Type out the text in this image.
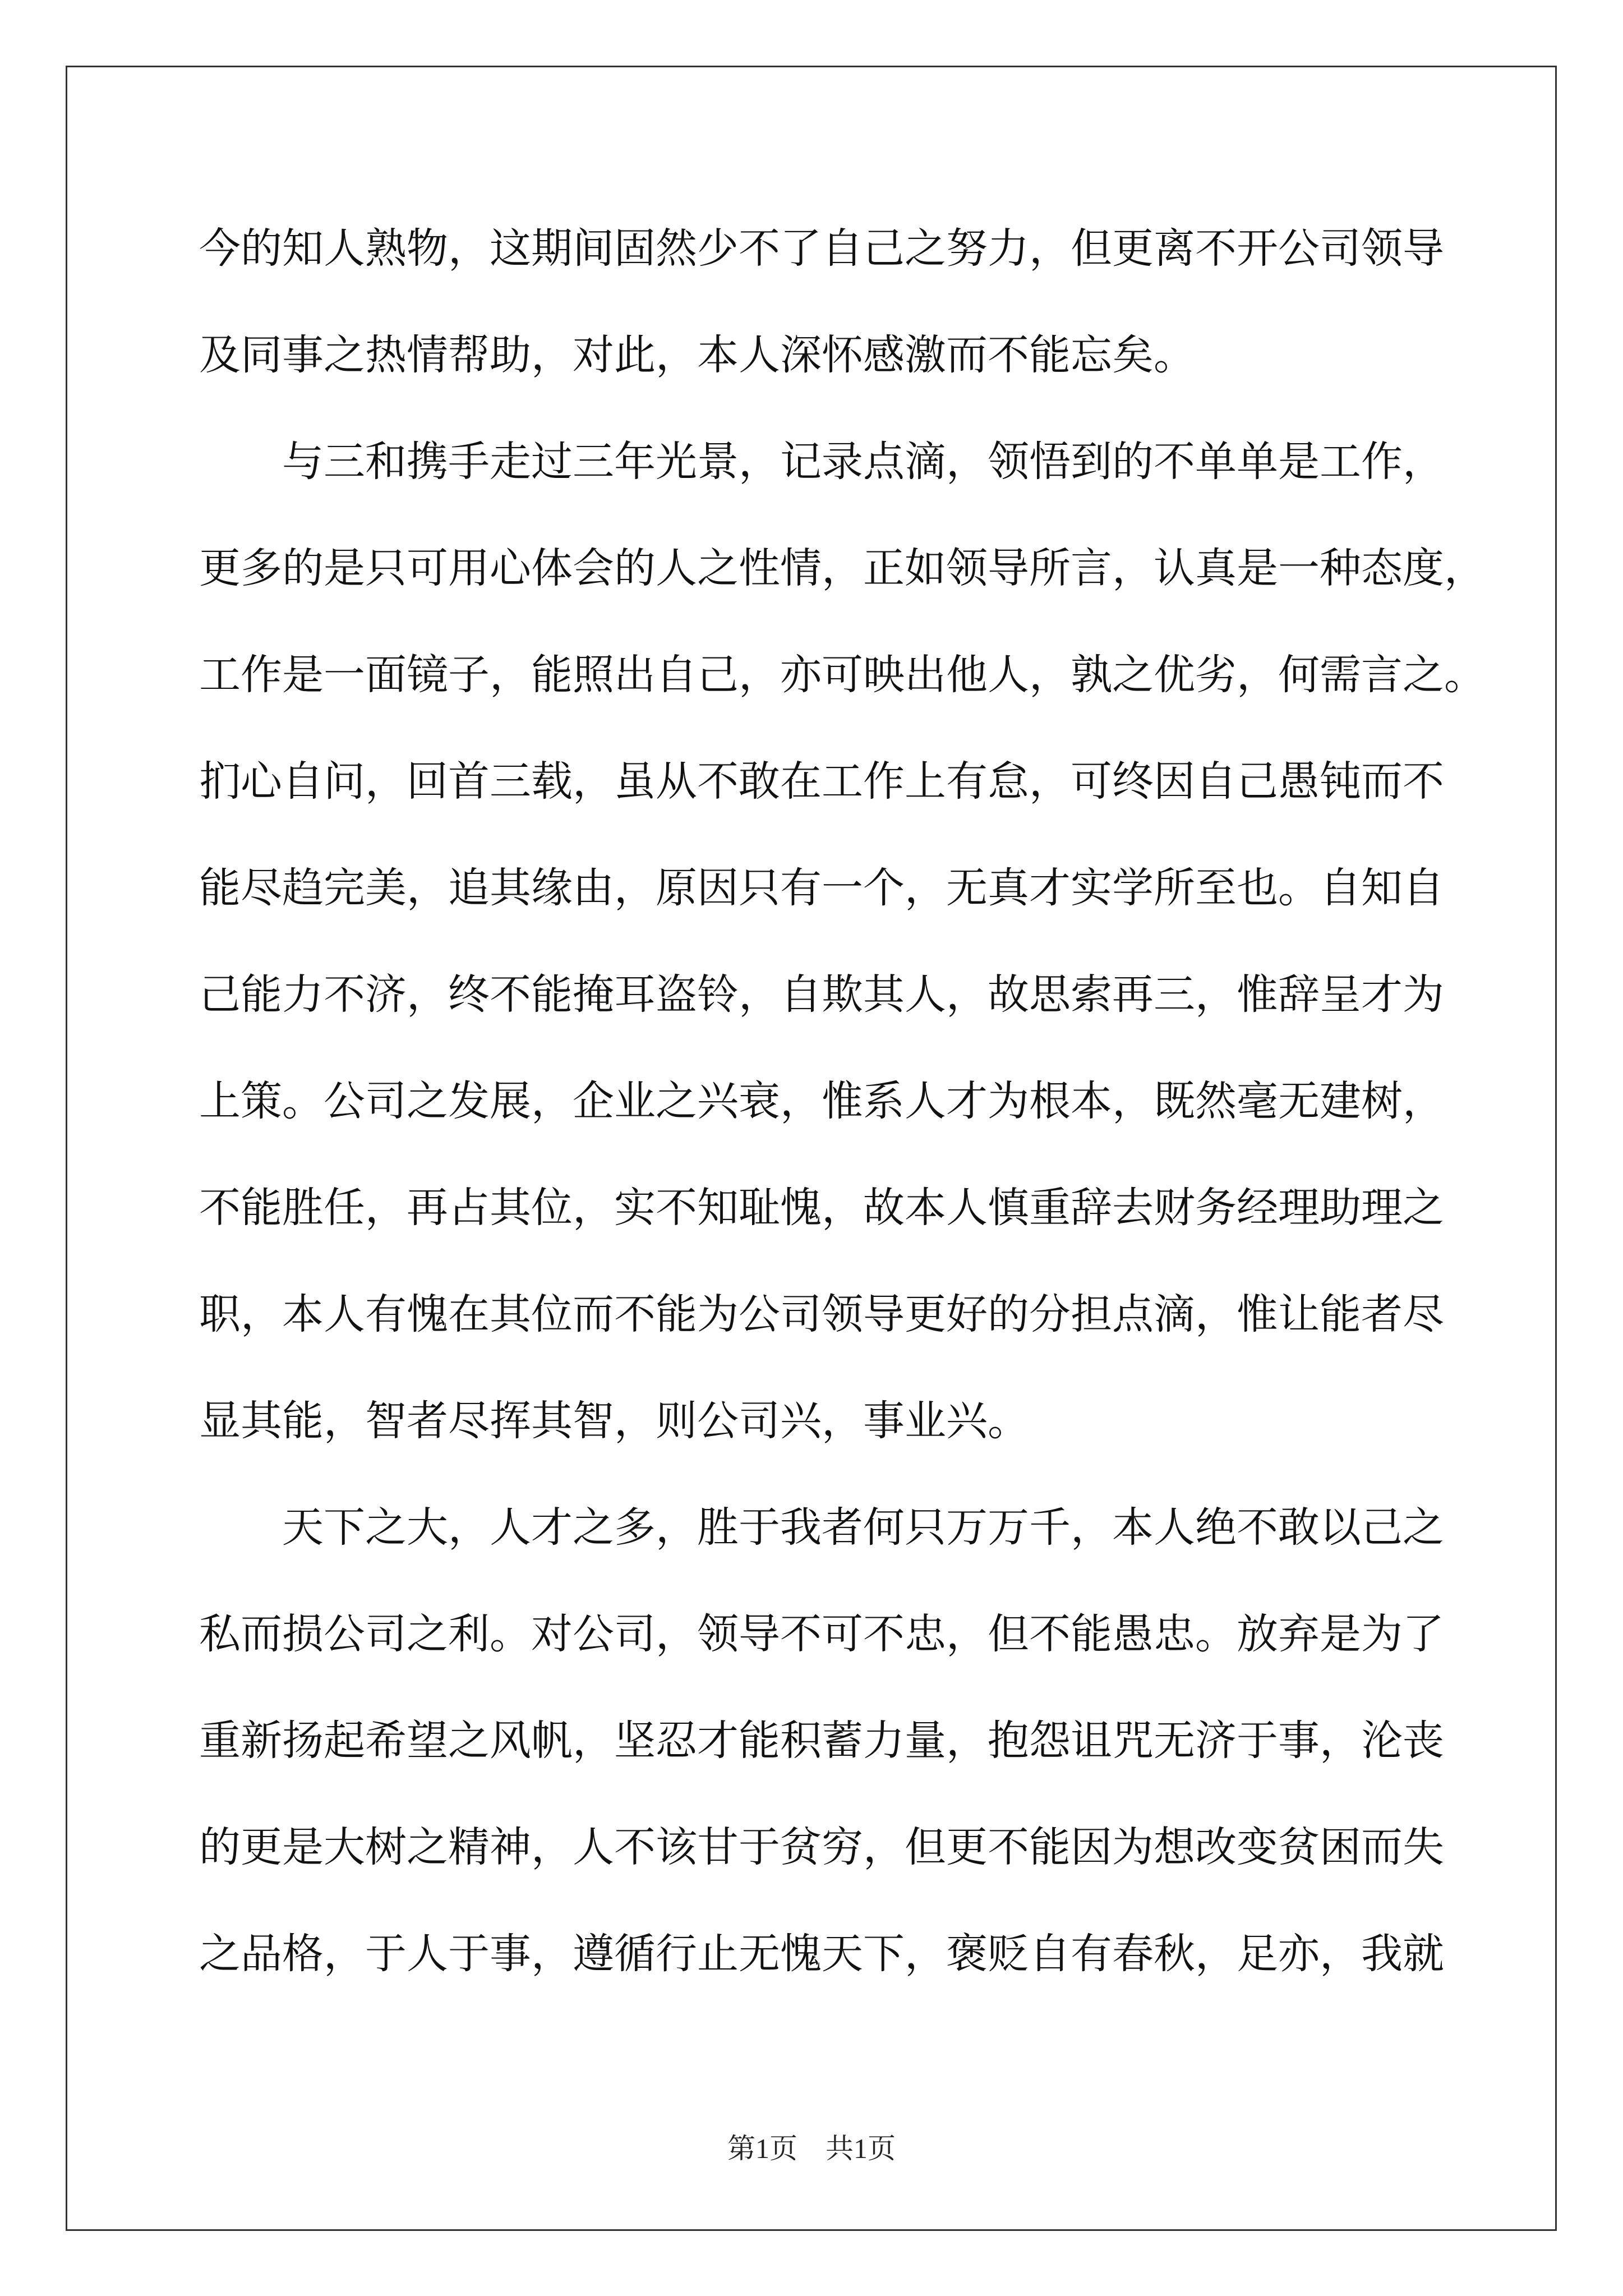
今的知人熟物，这期间固然少不了自己之努力，但更离不开公司领导
及同事之热情帮助，对此，本人深怀感激而不能忘矣。
　　与三和携手走过三年光景，记录点滴，领悟到的不单单是工作，
更多的是只可用心体会的人之性情，正如领导所言，认真是一种态度，
工作是一面镜子，能照出自己，亦可映出他人，孰之优劣，何需言之。
扪心自问，回首三载，虽从不敢在工作上有怠，可终因自己愚钝而不
能尽趋完美，追其缘由，原因只有一个，无真才实学所至也。自知自
己能力不济，终不能掩耳盗铃，自欺其人，故思索再三，惟辞呈才为
上策。公司之发展，企业之兴衰，惟系人才为根本，既然毫无建树，
不能胜任，再占其位，实不知耻愧，故本人慎重辞去财务经理助理之
职，本人有愧在其位而不能为公司领导更好的分担点滴，惟让能者尽
显其能，智者尽挥其智，则公司兴，事业兴。
　　天下之大，人才之多，胜于我者何只万万千，本人绝不敢以己之
私而损公司之利。对公司，领导不可不忠，但不能愚忠。放弃是为了
重新扬起希望之风帆，坚忍才能积蓄力量，抱怨诅咒无济于事，沦丧
的更是大树之精神，人不该甘于贫穷，但更不能因为想改变贫困而失
之品格，于人于事，遵循行止无愧天下，褒贬自有春秋，足亦，我就
第1页　共1页
